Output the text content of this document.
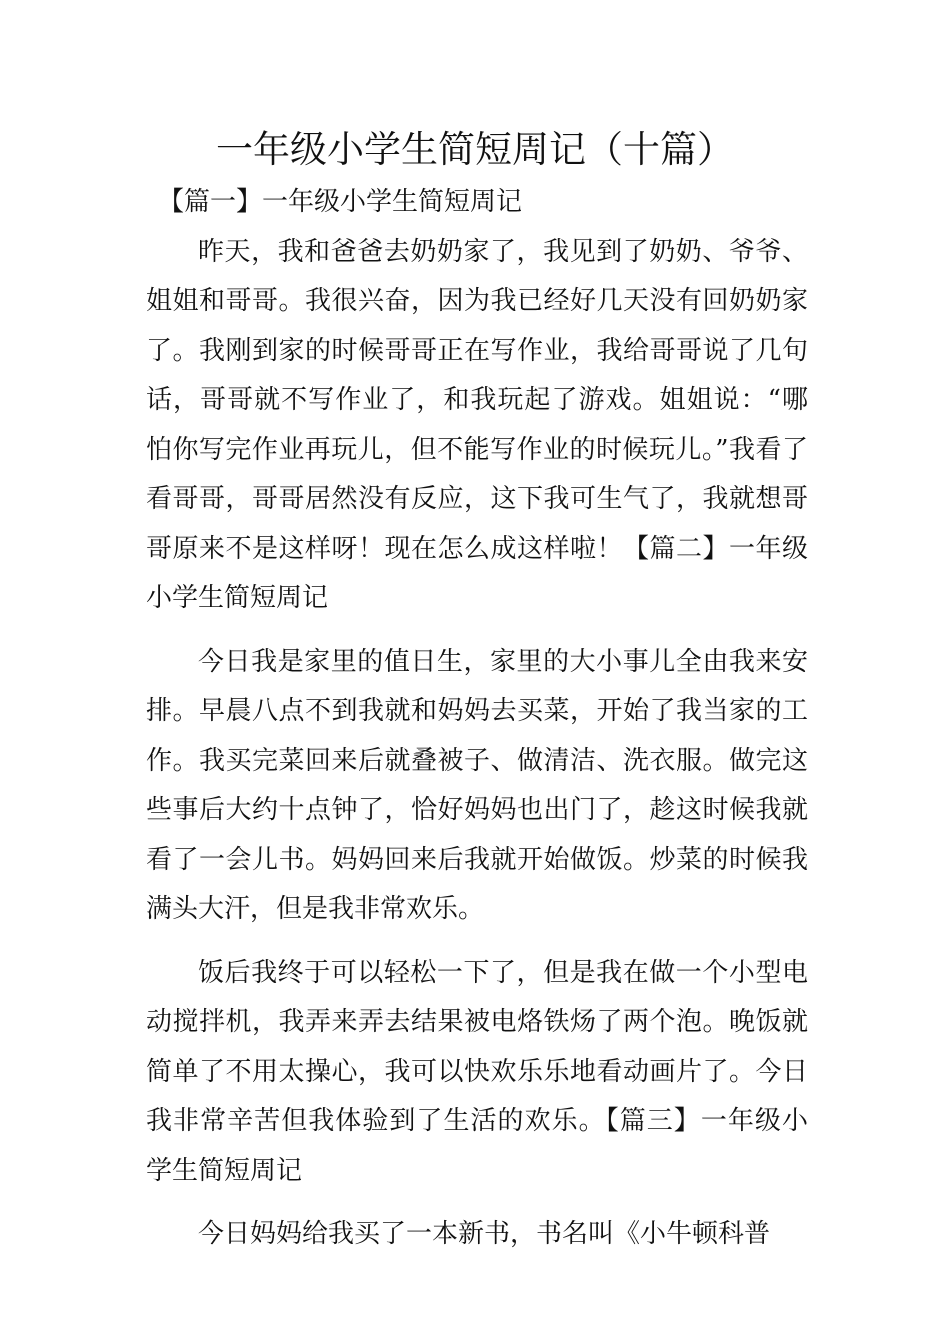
一年级小学生简短周记（十篇）

【篇一】一年级小学生简短周记

昨天，我和爸爸去奶奶家了，我见到了奶奶、爷爷、姐姐和哥哥。我很兴奋，因为我已经好几天没有回奶奶家了。我刚到家的时候哥哥正在写作业，我给哥哥说了几句话，哥哥就不写作业了，和我玩起了游戏。姐姐说：“哪怕你写完作业再玩儿，但不能写作业的时候玩儿。”我看了看哥哥，哥哥居然没有反应，这下我可生气了，我就想哥哥原来不是这样呀！现在怎么成这样啦！【篇二】一年级小学生简短周记

今日我是家里的值日生，家里的大小事儿全由我来安排。早晨八点不到我就和妈妈去买菜，开始了我当家的工作。我买完菜回来后就叠被子、做清洁、洗衣服。做完这些事后大约十点钟了，恰好妈妈也出门了，趁这时候我就看了一会儿书。妈妈回来后我就开始做饭。炒菜的时候我满头大汗，但是我非常欢乐。

饭后我终于可以轻松一下了，但是我在做一个小型电动搅拌机，我弄来弄去结果被电烙铁炀了两个泡。晚饭就简单了不用太操心，我可以快欢乐乐地看动画片了。今日我非常辛苦但我体验到了生活的欢乐。【篇三】一年级小学生简短周记

今日妈妈给我买了一本新书，书名叫《小牛顿科普
